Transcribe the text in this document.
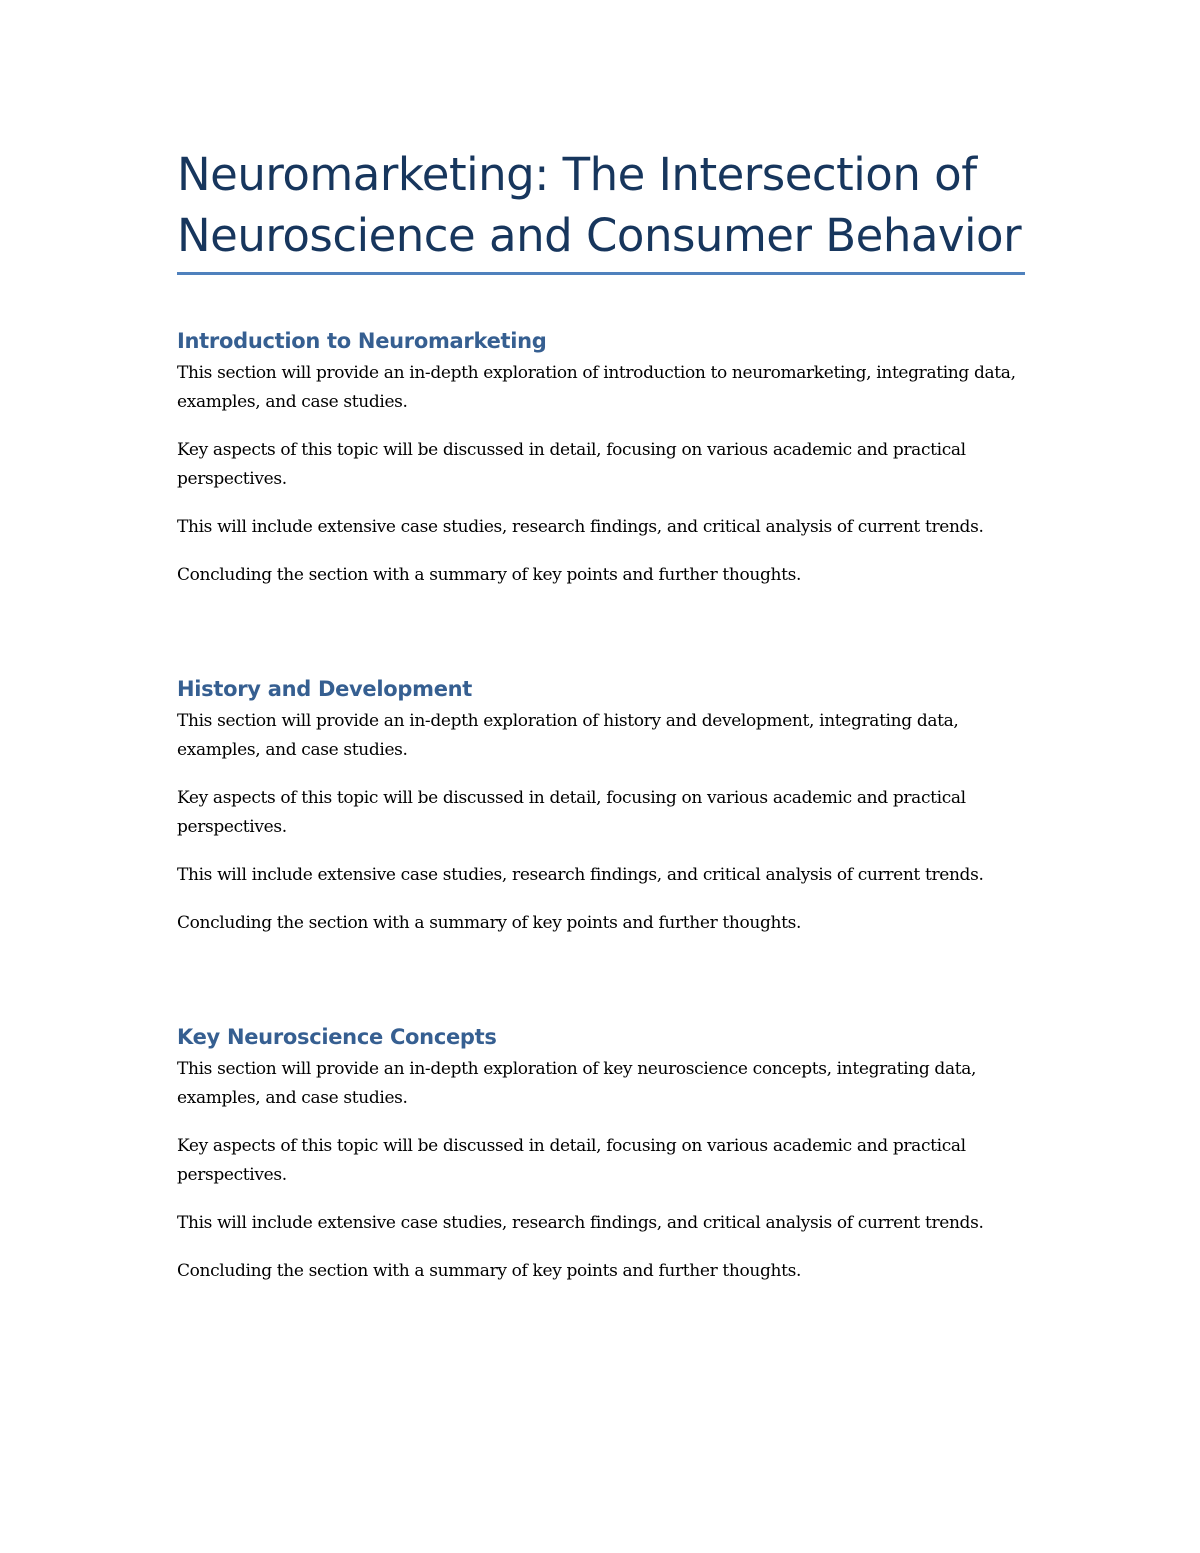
Neuromarketing: The Intersection of Neuroscience and Consumer Behavior
Introduction to Neuromarketing

This section will provide an in-depth exploration of introduction to neuromarketing, integrating data, examples, and case studies.

Key aspects of this topic will be discussed in detail, focusing on various academic and practical perspectives.

This will include extensive case studies, research findings, and critical analysis of current trends.

Concluding the section with a summary of key points and further thoughts.

History and Development

This section will provide an in-depth exploration of history and development, integrating data, examples, and case studies.

Key aspects of this topic will be discussed in detail, focusing on various academic and practical perspectives.

This will include extensive case studies, research findings, and critical analysis of current trends.

Concluding the section with a summary of key points and further thoughts.

Key Neuroscience Concepts

This section will provide an in-depth exploration of key neuroscience concepts, integrating data, examples, and case studies.

Key aspects of this topic will be discussed in detail, focusing on various academic and practical perspectives.

This will include extensive case studies, research findings, and critical analysis of current trends.

Concluding the section with a summary of key points and further thoughts.
